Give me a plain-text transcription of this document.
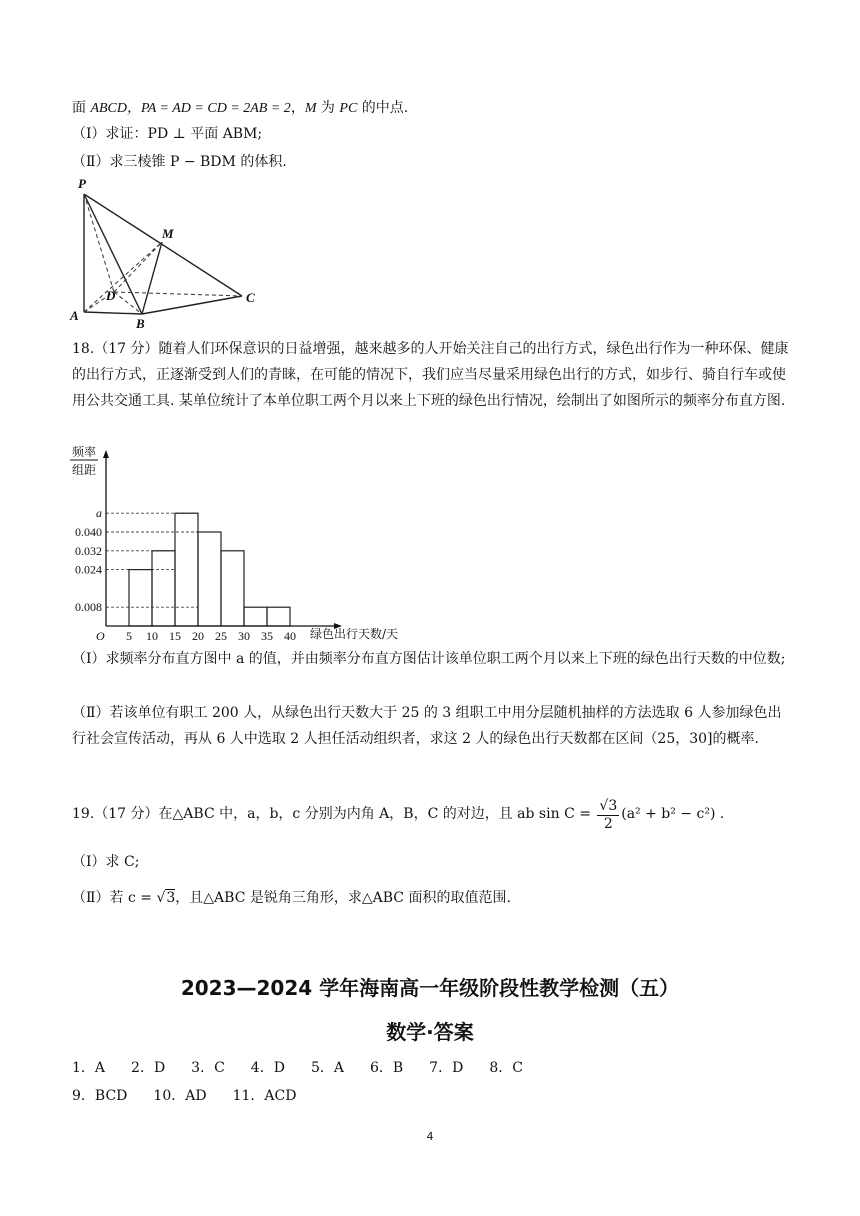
面 ABCD，PA = AD = CD = 2AB = 2，M 为 PC 的中点.
（Ⅰ）求证：PD ⊥ 平面 ABM;
（Ⅱ）求三棱锥 P − BDM 的体积.
P
M
D
A
B
C

18.（17 分）随着人们环保意识的日益增强，越来越多的人开始关注自己的出行方式，绿色出行作为一种环保、健康的出行方式，正逐渐受到人们的青睐，在可能的情况下，我们应当尽量采用绿色出行的方式，如步行、骑自行车或使用公共交通工具. 某单位统计了本单位职工两个月以来上下班的绿色出行情况，绘制出了如图所示的频率分布直方图.

频率
组距
0.008
0.024
0.032
0.040
a
5 10 15 20 25 30 35 40
O	绿色出行天数/天

（Ⅰ）求频率分布直方图中 a 的值，并由频率分布直方图估计该单位职工两个月以来上下班的绿色出行天数的中位数;

（Ⅱ）若该单位有职工 200 人，从绿色出行天数大于 25 的 3 组职工中用分层随机抽样的方法选取 6 人参加绿色出行社会宣传活动，再从 6 人中选取 2 人担任活动组织者，求这 2 人的绿色出行天数都在区间（25，30]的概率.

19.（17 分）在△ABC 中，a，b，c 分别为内角 A，B，C 的对边，且 ab $\sin C = \frac{√3}{2} (a^2 + b^2 - c^2)$ .
（Ⅰ）求 C;
（Ⅱ）若 c = √3，且△ABC 是锐角三角形，求△ABC 面积的取值范围.
2023—2024 学年海南高一年级阶段性教学检测（五）
数学·答案
1．A 2．D 3．C 4．D 5．A 6．B 7．D 8．C
9．BCD 10．AD 11．ACD
4
